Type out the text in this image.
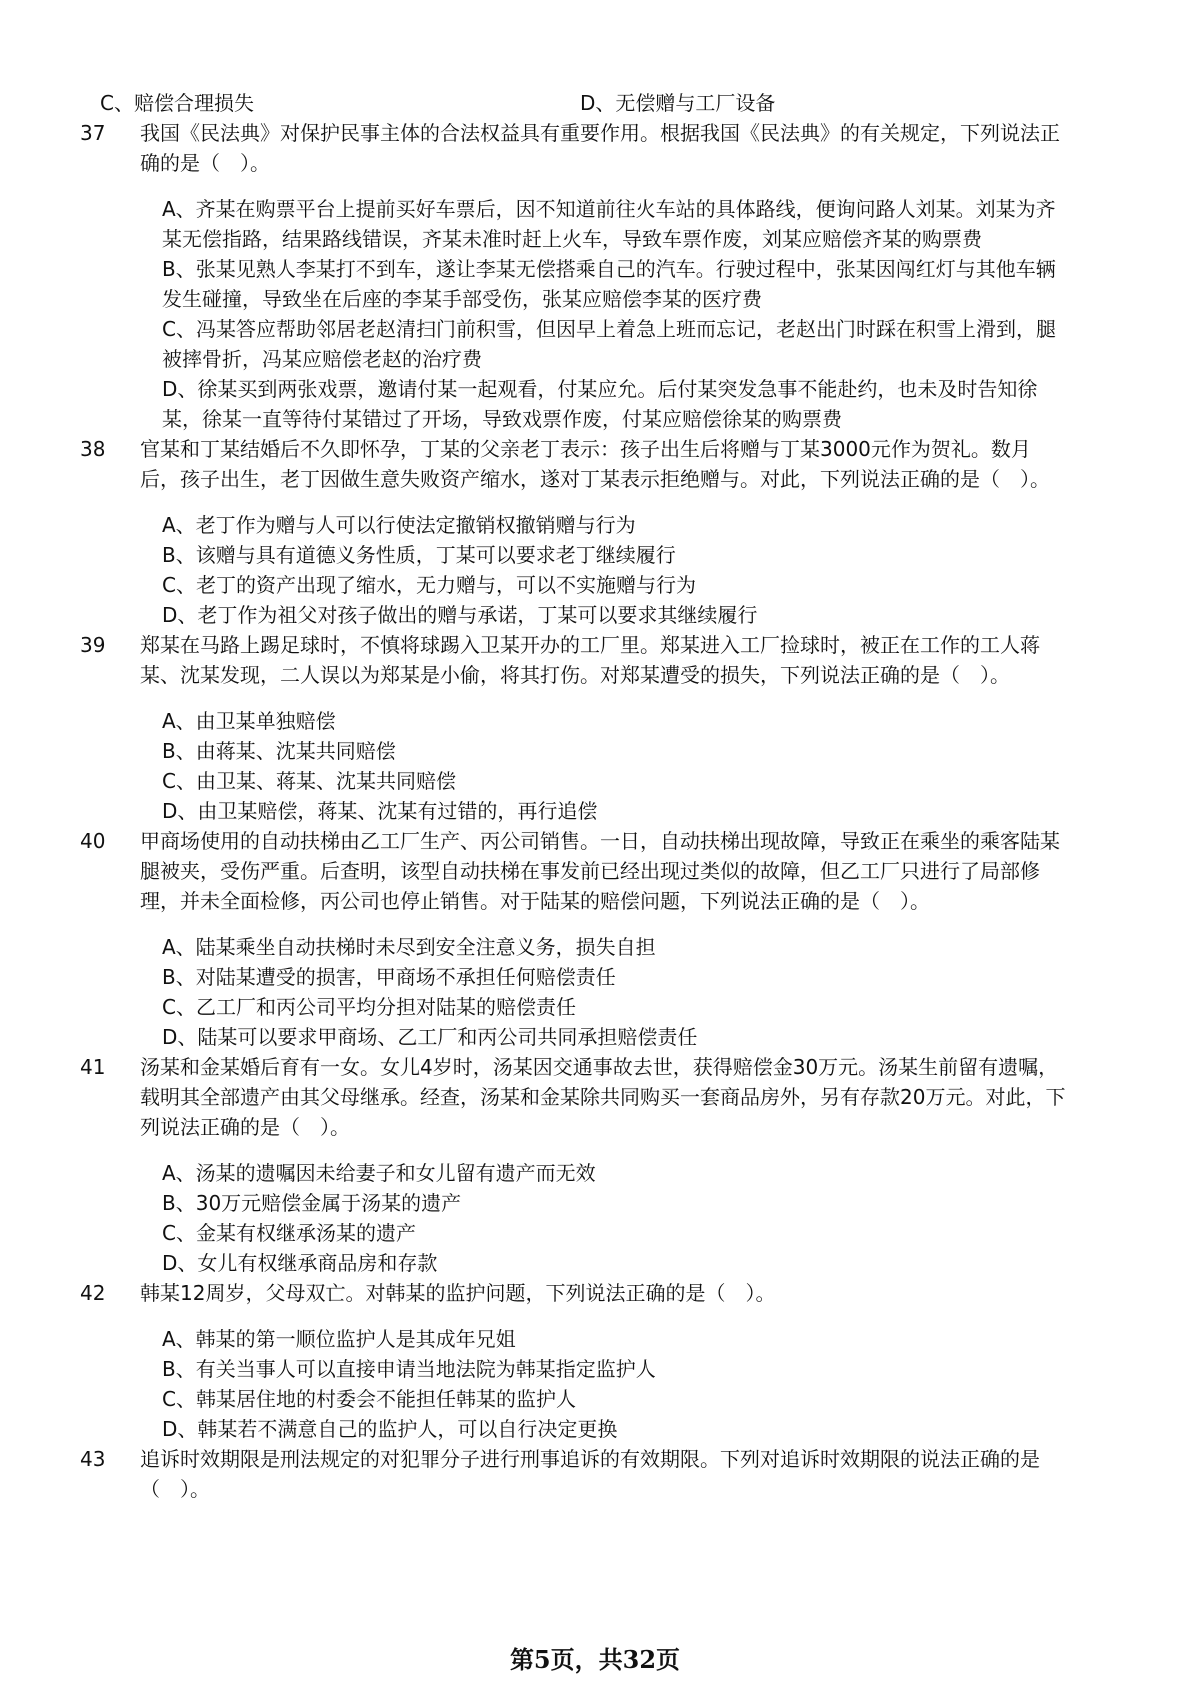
C、赔偿合理损失	D、无偿赠与工厂设备
37	我国《民法典》对保护民事主体的合法权益具有重要作用。根据我国《民法典》的有关规定，下列说法正确的是（　）。
A、齐某在购票平台上提前买好车票后，因不知道前往火车站的具体路线，便询问路人刘某。刘某为齐某无偿指路，结果路线错误，齐某未准时赶上火车，导致车票作废，刘某应赔偿齐某的购票费
B、张某见熟人李某打不到车，遂让李某无偿搭乘自己的汽车。行驶过程中，张某因闯红灯与其他车辆发生碰撞，导致坐在后座的李某手部受伤，张某应赔偿李某的医疗费
C、冯某答应帮助邻居老赵清扫门前积雪，但因早上着急上班而忘记，老赵出门时踩在积雪上滑到，腿被摔骨折，冯某应赔偿老赵的治疗费
D、徐某买到两张戏票，邀请付某一起观看，付某应允。后付某突发急事不能赴约，也未及时告知徐某，徐某一直等待付某错过了开场，导致戏票作废，付某应赔偿徐某的购票费
38	官某和丁某结婚后不久即怀孕，丁某的父亲老丁表示：孩子出生后将赠与丁某3000元作为贺礼。数月后，孩子出生，老丁因做生意失败资产缩水，遂对丁某表示拒绝赠与。对此，下列说法正确的是（　）。
A、老丁作为赠与人可以行使法定撤销权撤销赠与行为
B、该赠与具有道德义务性质，丁某可以要求老丁继续履行
C、老丁的资产出现了缩水，无力赠与，可以不实施赠与行为
D、老丁作为祖父对孩子做出的赠与承诺，丁某可以要求其继续履行
39	郑某在马路上踢足球时，不慎将球踢入卫某开办的工厂里。郑某进入工厂捡球时，被正在工作的工人蒋某、沈某发现，二人误以为郑某是小偷，将其打伤。对郑某遭受的损失，下列说法正确的是（　）。
A、由卫某单独赔偿
B、由蒋某、沈某共同赔偿
C、由卫某、蒋某、沈某共同赔偿
D、由卫某赔偿，蒋某、沈某有过错的，再行追偿
40	甲商场使用的自动扶梯由乙工厂生产、丙公司销售。一日，自动扶梯出现故障，导致正在乘坐的乘客陆某腿被夹，受伤严重。后查明，该型自动扶梯在事发前已经出现过类似的故障，但乙工厂只进行了局部修理，并未全面检修，丙公司也停止销售。对于陆某的赔偿问题，下列说法正确的是（　）。
A、陆某乘坐自动扶梯时未尽到安全注意义务，损失自担
B、对陆某遭受的损害，甲商场不承担任何赔偿责任
C、乙工厂和丙公司平均分担对陆某的赔偿责任
D、陆某可以要求甲商场、乙工厂和丙公司共同承担赔偿责任
41	汤某和金某婚后育有一女。女儿4岁时，汤某因交通事故去世，获得赔偿金30万元。汤某生前留有遗嘱，载明其全部遗产由其父母继承。经查，汤某和金某除共同购买一套商品房外，另有存款20万元。对此，下列说法正确的是（　）。
A、汤某的遗嘱因未给妻子和女儿留有遗产而无效
B、30万元赔偿金属于汤某的遗产
C、金某有权继承汤某的遗产
D、女儿有权继承商品房和存款
42	韩某12周岁，父母双亡。对韩某的监护问题，下列说法正确的是（　）。
A、韩某的第一顺位监护人是其成年兄姐
B、有关当事人可以直接申请当地法院为韩某指定监护人
C、韩某居住地的村委会不能担任韩某的监护人
D、韩某若不满意自己的监护人，可以自行决定更换
43	追诉时效期限是刑法规定的对犯罪分子进行刑事追诉的有效期限。下列对追诉时效期限的说法正确的是（　）。
第5页，共32页
